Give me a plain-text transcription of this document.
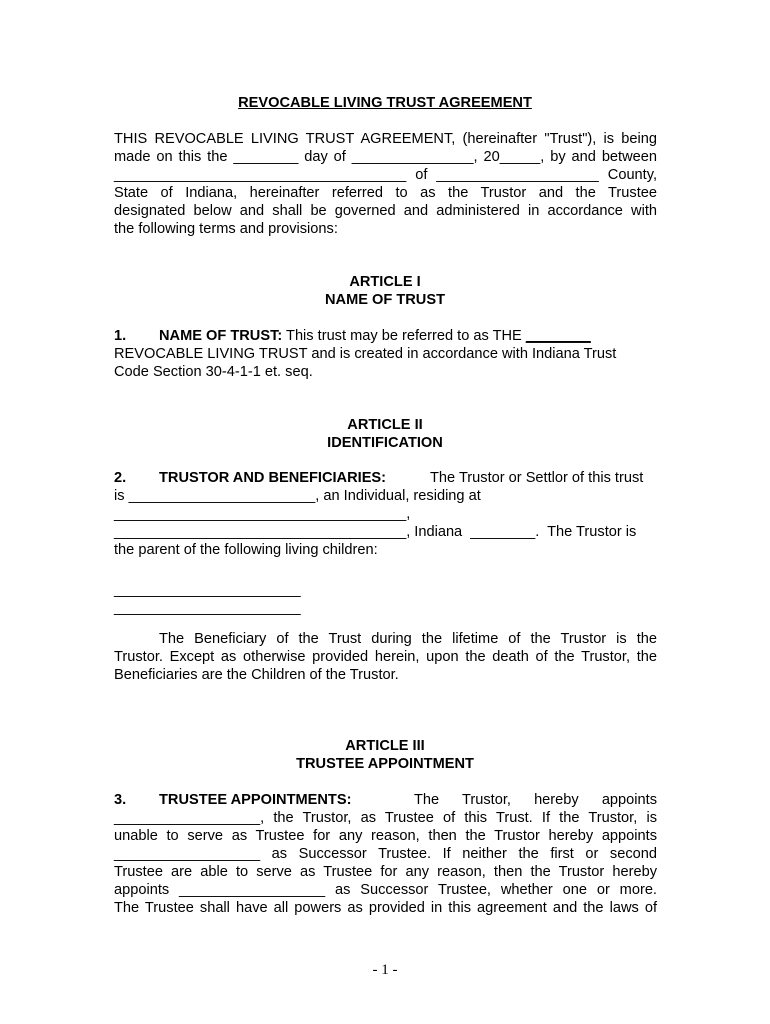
REVOCABLE LIVING TRUST AGREEMENT
THIS REVOCABLE LIVING TRUST AGREEMENT, (hereinafter "Trust"), is being
made on this the ________ day of _______________, 20_____, by and between
____________________________________ of ____________________ County,
State of Indiana, hereinafter referred to as the Trustor and the Trustee
designated below and shall be governed and administered in accordance with
the following terms and provisions:
ARTICLE I
NAME OF TRUST
1. NAME OF TRUST: This trust may be referred to as THE ________
REVOCABLE LIVING TRUST and is created in accordance with Indiana Trust
Code Section 30-4-1-1 et. seq.
ARTICLE II
IDENTIFICATION
2. TRUSTOR AND BENEFICIARIES:	The Trustor or Settlor of this trust
is _______________________, an Individual, residing at
____________________________________,
____________________________________, Indiana  ________.  The Trustor is
the parent of the following living children:
_______________________
_______________________
The Beneficiary of the Trust during the lifetime of the Trustor is the
Trustor. Except as otherwise provided herein, upon the death of the Trustor, the
Beneficiaries are the Children of the Trustor.
ARTICLE III
TRUSTEE APPOINTMENT
3. TRUSTEE APPOINTMENTS:	The Trustor, hereby appoints
__________________, the Trustor, as Trustee of this Trust. If the Trustor, is
unable to serve as Trustee for any reason, then the Trustor hereby appoints
__________________ as Successor Trustee. If neither the first or second
Trustee are able to serve as Trustee for any reason, then the Trustor hereby
appoints __________________ as Successor Trustee, whether one or more.
The Trustee shall have all powers as provided in this agreement and the laws of
- 1 -
